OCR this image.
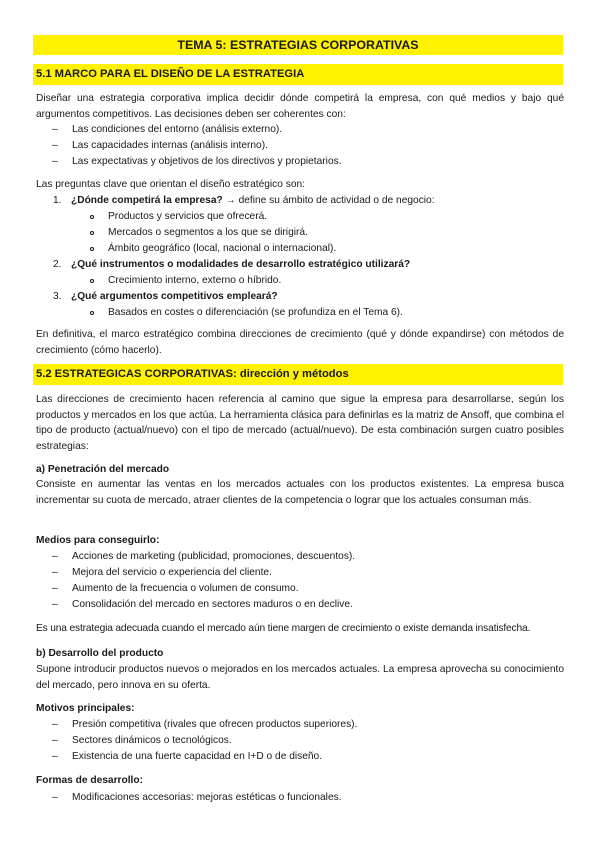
TEMA 5: ESTRATEGIAS CORPORATIVAS
5.1 MARCO PARA EL DISEÑO DE LA ESTRATEGIA
Diseñar una estrategia corporativa implica decidir dónde competirá la empresa, con qué medios y bajo qué argumentos competitivos. Las decisiones deben ser coherentes con:
– Las condiciones del entorno (análisis externo).
– Las capacidades internas (análisis interno).
– Las expectativas y objetivos de los directivos y propietarios.
Las preguntas clave que orientan el diseño estratégico son:
1. ¿Dónde competirá la empresa? → define su ámbito de actividad o de negocio:
Productos y servicios que ofrecerá.
Mercados o segmentos a los que se dirigirá.
Ámbito geográfico (local, nacional o internacional).
2. ¿Qué instrumentos o modalidades de desarrollo estratégico utilizará?
Crecimiento interno, externo o híbrido.
3. ¿Qué argumentos competitivos empleará?
Basados en costes o diferenciación (se profundiza en el Tema 6).
En definitiva, el marco estratégico combina direcciones de crecimiento (qué y dónde expandirse) con métodos de crecimiento (cómo hacerlo).
5.2 ESTRATEGICAS CORPORATIVAS: dirección y métodos
Las direcciones de crecimiento hacen referencia al camino que sigue la empresa para desarrollarse, según los productos y mercados en los que actúa. La herramienta clásica para definirlas es la matriz de Ansoff, que combina el tipo de producto (actual/nuevo) con el tipo de mercado (actual/nuevo). De esta combinación surgen cuatro posibles estrategias:
a) Penetración del mercado
Consiste en aumentar las ventas en los mercados actuales con los productos existentes. La empresa busca incrementar su cuota de mercado, atraer clientes de la competencia o lograr que los actuales consuman más.
Medios para conseguirlo:
– Acciones de marketing (publicidad, promociones, descuentos).
– Mejora del servicio o experiencia del cliente.
– Aumento de la frecuencia o volumen de consumo.
– Consolidación del mercado en sectores maduros o en declive.
Es una estrategia adecuada cuando el mercado aún tiene margen de crecimiento o existe demanda insatisfecha.
b) Desarrollo del producto
Supone introducir productos nuevos o mejorados en los mercados actuales. La empresa aprovecha su conocimiento del mercado, pero innova en su oferta.
Motivos principales:
– Presión competitiva (rivales que ofrecen productos superiores).
– Sectores dinámicos o tecnológicos.
– Existencia de una fuerte capacidad en I+D o de diseño.
Formas de desarrollo:
– Modificaciones accesorias: mejoras estéticas o funcionales.
